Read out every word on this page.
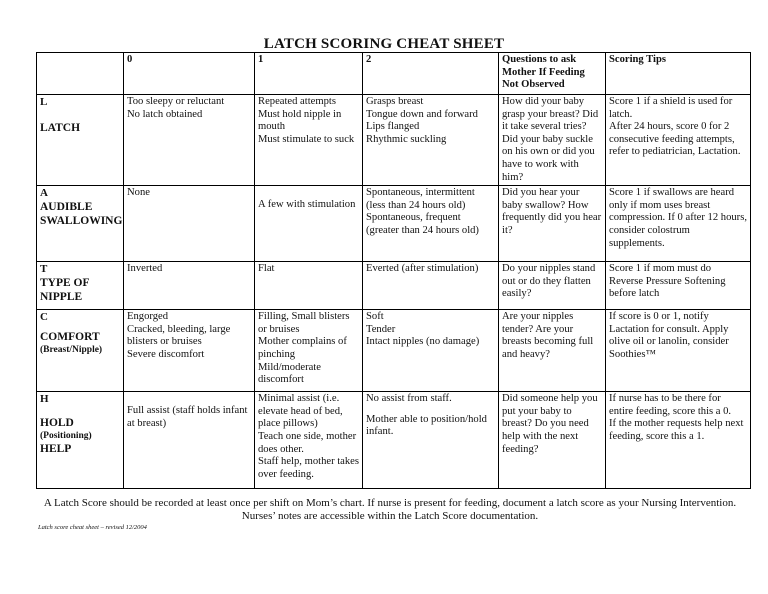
LATCH SCORING CHEAT SHEET
	0	1	2	Questions to ask Mother If Feeding Not Observed	Scoring Tips

L
LATCH	Too sleepy or reluctant
No latch obtained	Repeated attempts
Must hold nipple in mouth
Must stimulate to suck	Grasps breast
Tongue down and forward
Lips flanged
Rhythmic suckling	How did your baby grasp your breast? Did it take several tries? Did your baby suckle on his own or did you have to work with him?	Score 1 if a shield is used for latch.
After 24 hours, score 0 for 2 consecutive feeding attempts, refer to pediatrician, Lactation.

A
AUDIBLE SWALLOWING	None	A few with stimulation	Spontaneous, intermittent (less than 24 hours old)
Spontaneous, frequent (greater than 24 hours old)	Did you hear your baby swallow? How frequently did you hear it?	Score 1 if swallows are heard only if mom uses breast compression. If 0 after 12 hours, consider colostrum supplements.

T
TYPE OF NIPPLE	Inverted	Flat	Everted (after stimulation)	Do your nipples stand out or do they flatten easily?	Score 1 if mom must do Reverse Pressure Softening before latch

C
COMFORT
(Breast/Nipple)	Engorged
Cracked, bleeding, large blisters or bruises
Severe discomfort	Filling, Small blisters or bruises
Mother complains of pinching
Mild/moderate discomfort	Soft
Tender
Intact nipples (no damage)	Are your nipples tender? Are your breasts becoming full and heavy?	If score is 0 or 1, notify Lactation for consult. Apply olive oil or lanolin, consider Soothies™

H
HOLD
(Positioning)
HELP	Full assist (staff holds infant at breast)	Minimal assist (i.e. elevate head of bed, place pillows)
Teach one side, mother does other.
Staff help, mother takes over feeding.	No assist from staff.
Mother able to position/hold infant.	Did someone help you put your baby to breast? Do you need help with the next feeding?	If nurse has to be there for entire feeding, score this a 0.
If the mother requests help next feeding, score this a 1.
A Latch Score should be recorded at least once per shift on Mom’s chart. If nurse is present for feeding, document a latch score as your Nursing Intervention. Nurses’ notes are accessible within the Latch Score documentation.
Latch score cheat sheet – revised 12/2004
